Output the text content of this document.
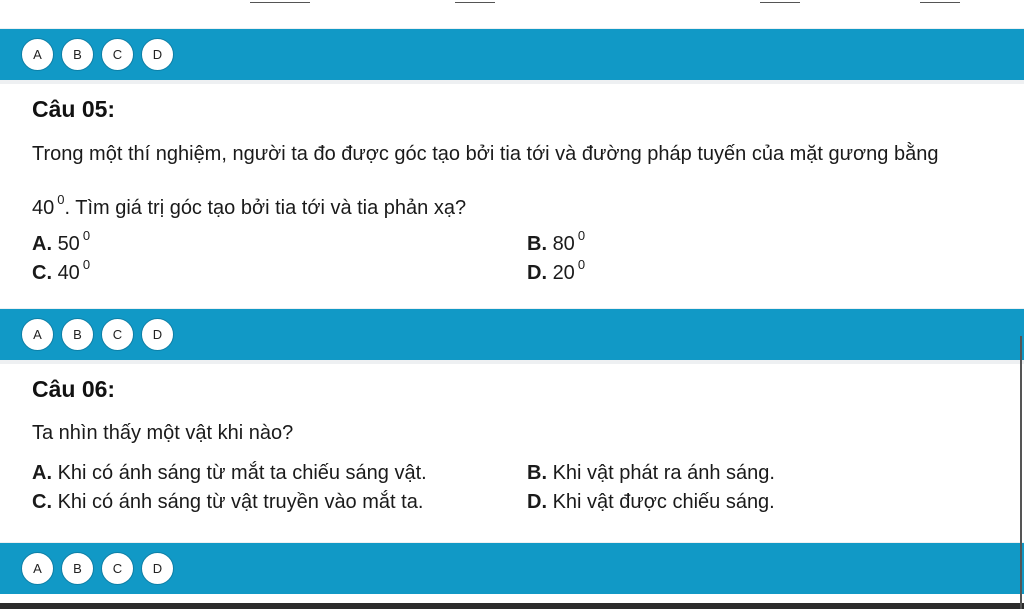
A	B	C	D
Câu 05:
Trong một thí nghiệm, người ta đo được góc tạo bởi tia tới và đường pháp tuyến của mặt gương bằng
40 $^0$. Tìm giá trị góc tạo bởi tia tới và tia phản xạ?
A. 50 $^0$	B. 80 $^0$
C. 40 $^0$	D. 20 $^0$
A	B	C	D
Câu 06:
Ta nhìn thấy một vật khi nào?
A. Khi có ánh sáng từ mắt ta chiếu sáng vật.	B. Khi vật phát ra ánh sáng.
C. Khi có ánh sáng từ vật truyền vào mắt ta.	D. Khi vật được chiếu sáng.
A	B	C	D
